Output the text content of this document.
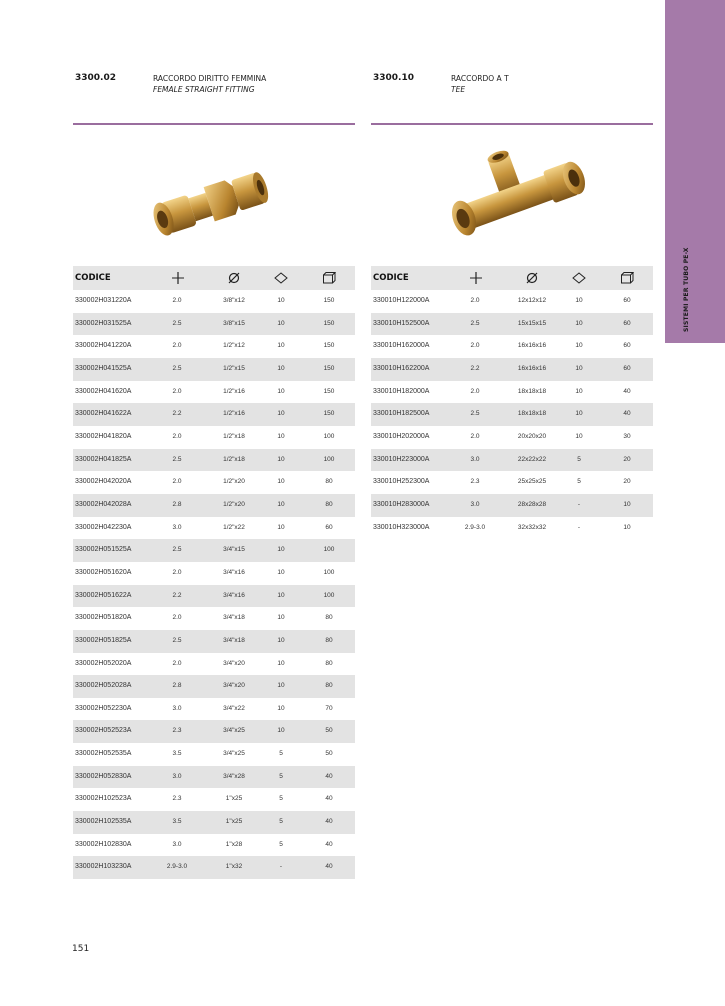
SISTEMI PER TUBO PE-X
3300.02	RACCORDO DIRITTO FEMMINA
FEMALE STRAIGHT FITTING
CODICE
330002H031220A	2.0	3/8"x12	10	150
330002H031525A	2.5	3/8"x15	10	150
330002H041220A	2.0	1/2"x12	10	150
330002H041525A	2.5	1/2"x15	10	150
330002H041620A	2.0	1/2"x16	10	150
330002H041622A	2.2	1/2"x16	10	150
330002H041820A	2.0	1/2"x18	10	100
330002H041825A	2.5	1/2"x18	10	100
330002H042020A	2.0	1/2"x20	10	80
330002H042028A	2.8	1/2"x20	10	80
330002H042230A	3.0	1/2"x22	10	60
330002H051525A	2.5	3/4"x15	10	100
330002H051620A	2.0	3/4"x16	10	100
330002H051622A	2.2	3/4"x16	10	100
330002H051820A	2.0	3/4"x18	10	80
330002H051825A	2.5	3/4"x18	10	80
330002H052020A	2.0	3/4"x20	10	80
330002H052028A	2.8	3/4"x20	10	80
330002H052230A	3.0	3/4"x22	10	70
330002H052523A	2.3	3/4"x25	10	50
330002H052535A	3.5	3/4"x25	5	50
330002H052830A	3.0	3/4"x28	5	40
330002H102523A	2.3	1"x25	5	40
330002H102535A	3.5	1"x25	5	40
330002H102830A	3.0	1"x28	5	40
330002H103230A	2.9-3.0	1"x32	-	40
3300.10	RACCORDO A T
TEE
CODICE
330010H122000A	2.0	12x12x12	10	60
330010H152500A	2.5	15x15x15	10	60
330010H162000A	2.0	16x16x16	10	60
330010H162200A	2.2	16x16x16	10	60
330010H182000A	2.0	18x18x18	10	40
330010H182500A	2.5	18x18x18	10	40
330010H202000A	2.0	20x20x20	10	30
330010H223000A	3.0	22x22x22	5	20
330010H252300A	2.3	25x25x25	5	20
330010H283000A	3.0	28x28x28	-	10
330010H323000A	2.9-3.0	32x32x32	-	10
151
